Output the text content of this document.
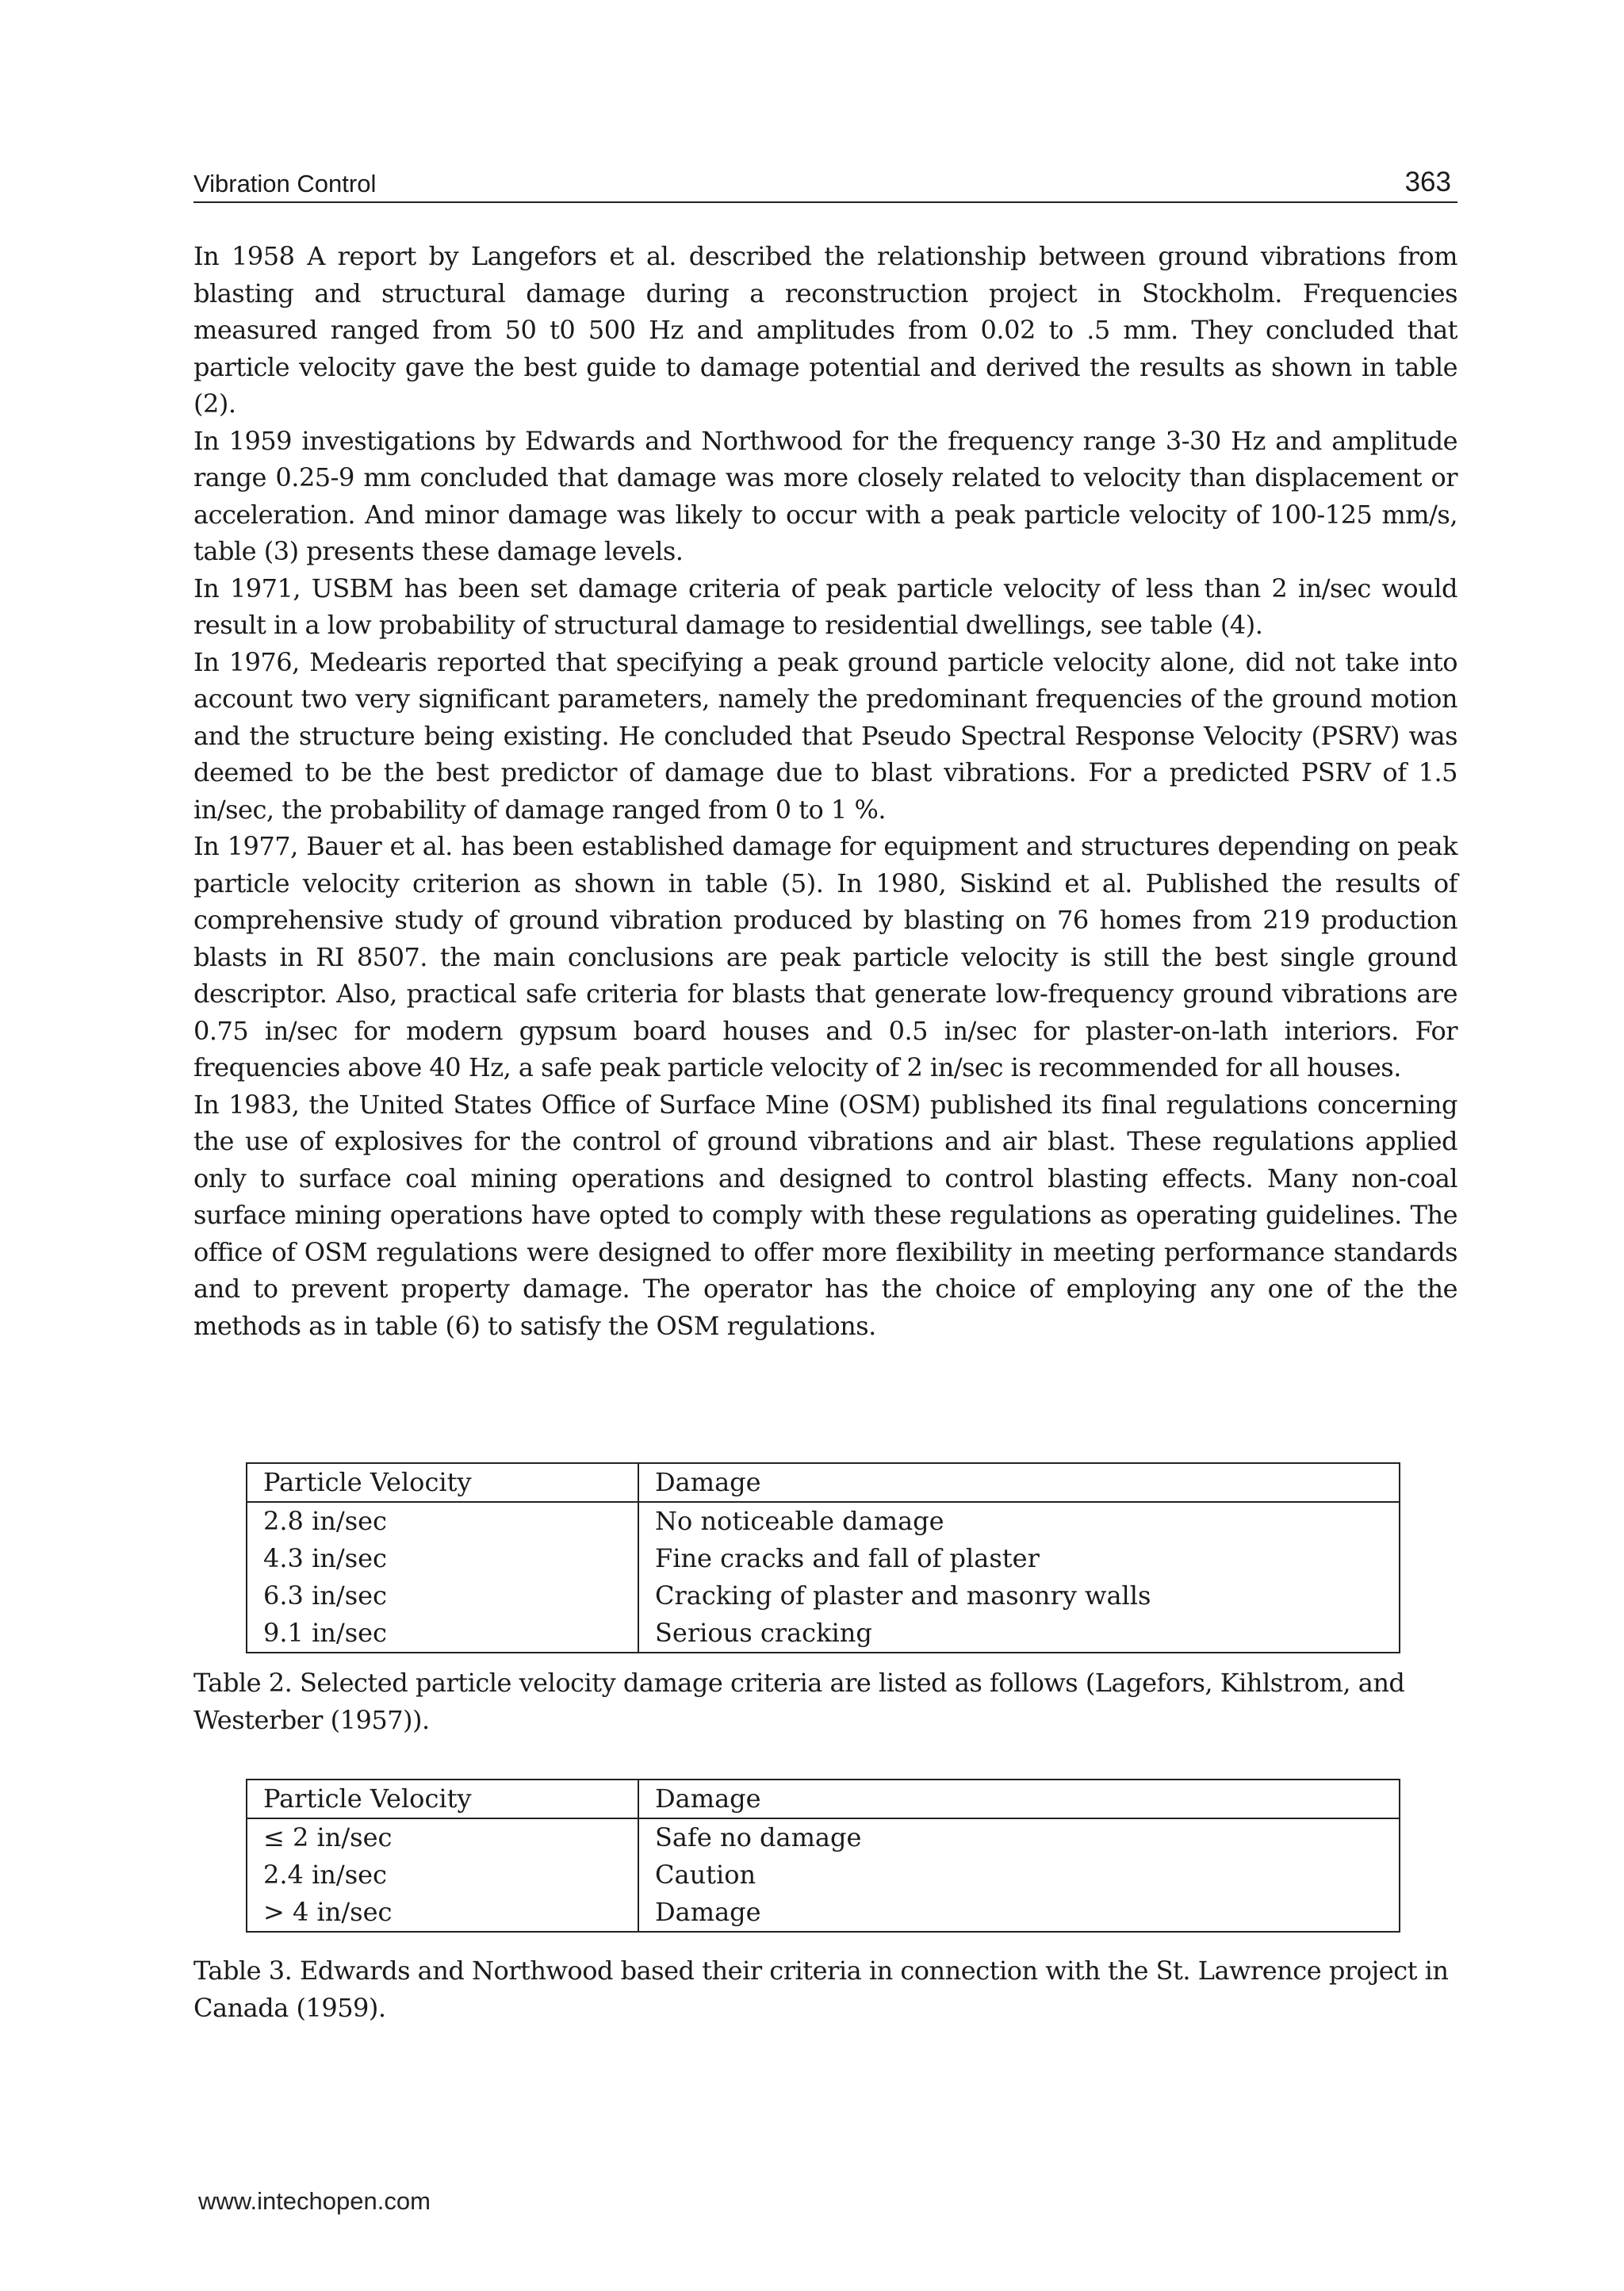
Vibration Control	363

In 1958 A report by Langefors et al. described the relationship between ground vibrations from blasting and structural damage during a reconstruction project in Stockholm. Frequencies measured ranged from 50 t0 500 Hz and amplitudes from 0.02 to .5 mm. They concluded that particle velocity gave the best guide to damage potential and derived the results as shown in table (2).

In 1959 investigations by Edwards and Northwood for the frequency range 3-30 Hz and amplitude range 0.25-9 mm concluded that damage was more closely related to velocity than displacement or acceleration. And minor damage was likely to occur with a peak particle velocity of 100-125 mm/s, table (3) presents these damage levels.

In 1971, USBM has been set damage criteria of peak particle velocity of less than 2 in/sec would result in a low probability of structural damage to residential dwellings, see table (4).

In 1976, Medearis reported that specifying a peak ground particle velocity alone, did not take into account two very significant parameters, namely the predominant frequencies of the ground motion and the structure being existing. He concluded that Pseudo Spectral Response Velocity (PSRV) was deemed to be the best predictor of damage due to blast vibrations. For a predicted PSRV of 1.5 in/sec, the probability of damage ranged from 0 to 1 %.

In 1977, Bauer et al. has been established damage for equipment and structures depending on peak particle velocity criterion as shown in table (5). In 1980, Siskind et al. Published the results of comprehensive study of ground vibration produced by blasting on 76 homes from 219 production blasts in RI 8507. the main conclusions are peak particle velocity is still the best single ground descriptor. Also, practical safe criteria for blasts that generate low-frequency ground vibrations are 0.75 in/sec for modern gypsum board houses and 0.5 in/sec for plaster-on-lath interiors. For frequencies above 40 Hz, a safe peak particle velocity of 2 in/sec is recommended for all houses.

In 1983, the United States Office of Surface Mine (OSM) published its final regulations concerning the use of explosives for the control of ground vibrations and air blast. These regulations applied only to surface coal mining operations and designed to control blasting effects. Many non-coal surface mining operations have opted to comply with these regulations as operating guidelines. The office of OSM regulations were designed to offer more flexibility in meeting performance standards and to prevent property damage. The operator has the choice of employing any one of the the methods as in table (6) to satisfy the OSM regulations.

Particle Velocity	Damage
2.8 in/sec	No noticeable damage
4.3 in/sec	Fine cracks and fall of plaster
6.3 in/sec	Cracking of plaster and masonry walls
9.1 in/sec	Serious cracking
Table 2. Selected particle velocity damage criteria are listed as follows (Lagefors, Kihlstrom, and Westerber (1957)).
Particle Velocity	Damage
≤ 2 in/sec	Safe no damage
2.4 in/sec	Caution
> 4 in/sec	Damage
Table 3. Edwards and Northwood based their criteria in connection with the St. Lawrence project in Canada (1959).
www.intechopen.com
